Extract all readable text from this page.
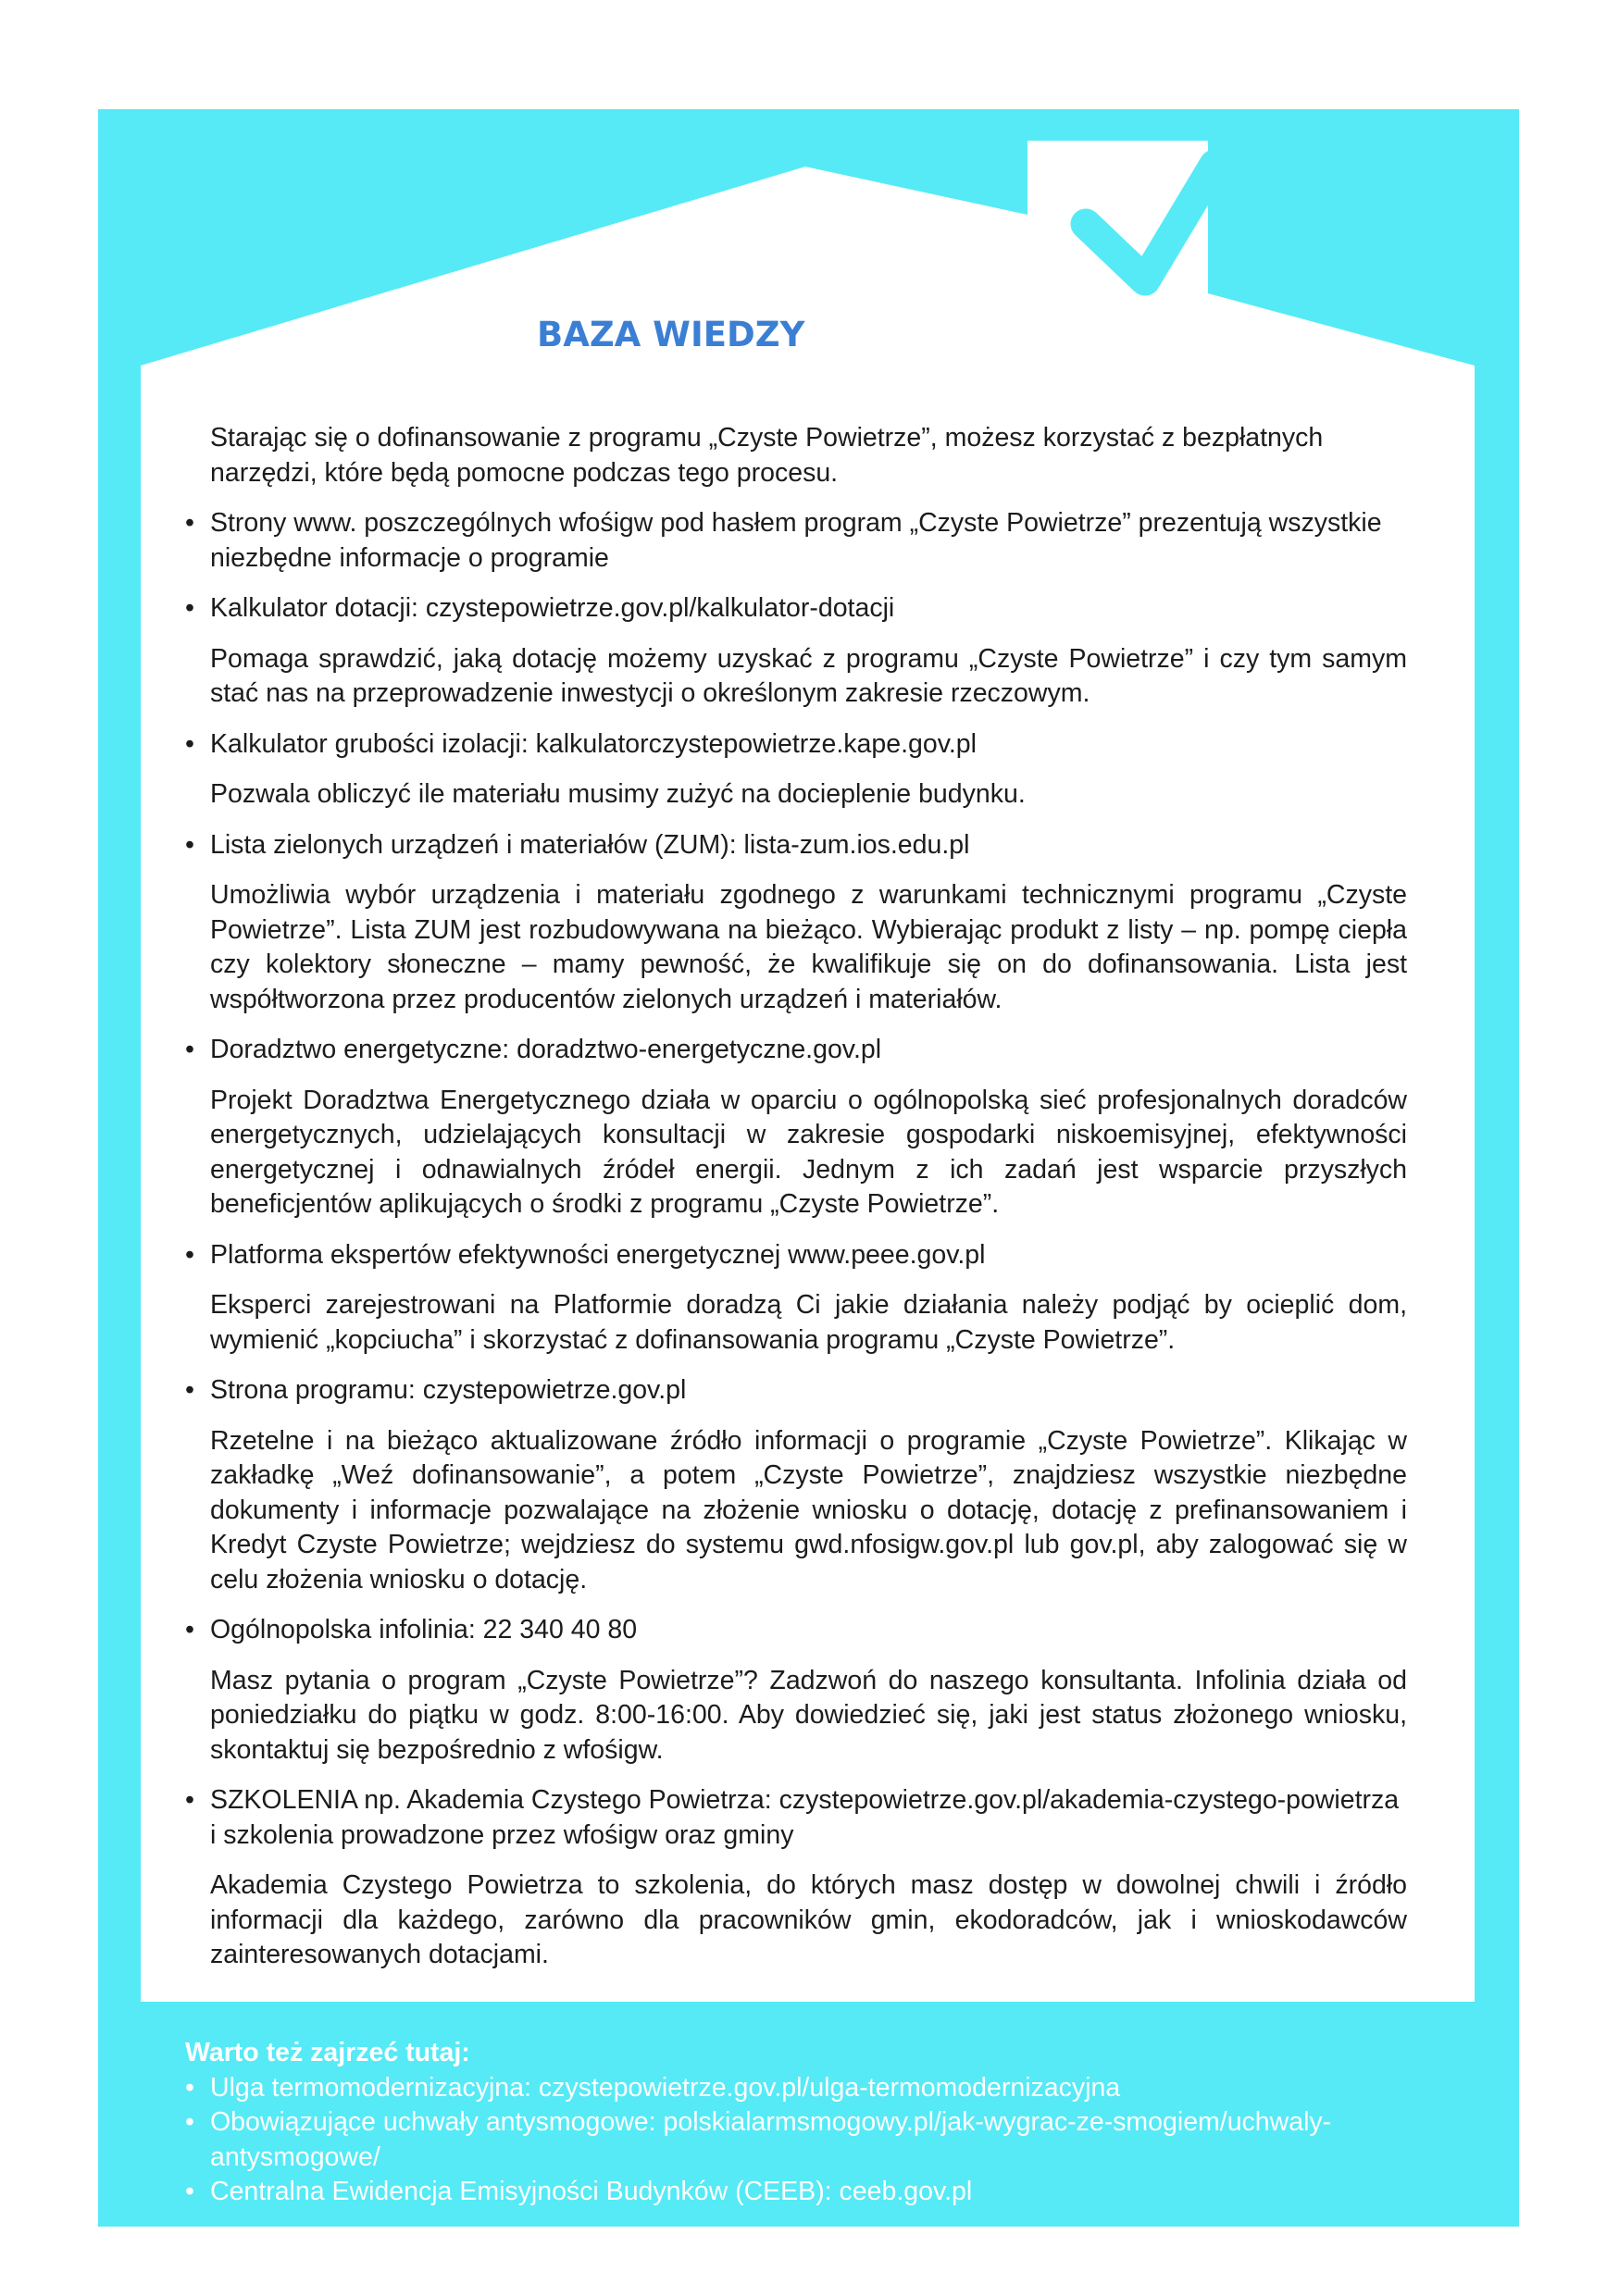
BAZA WIEDZY

Starając się o dofinansowanie z programu „Czyste Powietrze”, możesz korzystać z bezpłatnych narzędzi, które będą pomocne podczas tego procesu.

• Strony www. poszczególnych wfośigw pod hasłem program „Czyste Powietrze” prezentują wszystkie niezbędne informacje o programie

• Kalkulator dotacji: czystepowietrze.gov.pl/kalkulator-dotacji

Pomaga sprawdzić, jaką dotację możemy uzyskać z programu „Czyste Powietrze” i czy tym samym stać nas na przeprowadzenie inwestycji o określonym zakresie rzeczowym.

• Kalkulator grubości izolacji: kalkulatorczystepowietrze.kape.gov.pl

Pozwala obliczyć ile materiału musimy zużyć na docieplenie budynku.

• Lista zielonych urządzeń i materiałów (ZUM): lista-zum.ios.edu.pl

Umożliwia wybór urządzenia i materiału zgodnego z warunkami technicznymi programu „Czyste Powietrze”. Lista ZUM jest rozbudowywana na bieżąco. Wybierając produkt z listy – np. pompę ciepła czy kolektory słoneczne – mamy pewność, że kwalifikuje się on do dofinansowania. Lista jest współtworzona przez producentów zielonych urządzeń i materiałów.

• Doradztwo energetyczne: doradztwo-energetyczne.gov.pl

Projekt Doradztwa Energetycznego działa w oparciu o ogólnopolską sieć profesjonalnych doradców energetycznych, udzielających konsultacji w zakresie gospodarki niskoemisyjnej, efektywności energetycznej i odnawialnych źródeł energii. Jednym z ich zadań jest wsparcie przyszłych beneficjentów aplikujących o środki z programu „Czyste Powietrze”.

• Platforma ekspertów efektywności energetycznej www.peee.gov.pl

Eksperci zarejestrowani na Platformie doradzą Ci jakie działania należy podjąć by ocieplić dom, wymienić „kopciucha” i skorzystać z dofinansowania programu „Czyste Powietrze”.

• Strona programu: czystepowietrze.gov.pl

Rzetelne i na bieżąco aktualizowane źródło informacji o programie „Czyste Powietrze”. Klikając w zakładkę „Weź dofinansowanie”, a potem „Czyste Powietrze”, znajdziesz wszystkie niezbędne dokumenty i informacje pozwalające na złożenie wniosku o dotację, dotację z prefinansowaniem i Kredyt Czyste Powietrze; wejdziesz do systemu gwd.nfosigw.gov.pl lub gov.pl, aby zalogować się w celu złożenia wniosku o dotację.

• Ogólnopolska infolinia: 22 340 40 80

Masz pytania o program „Czyste Powietrze”? Zadzwoń do naszego konsultanta. Infolinia działa od poniedziałku do piątku w godz. 8:00-16:00. Aby dowiedzieć się, jaki jest status złożonego wniosku, skontaktuj się bezpośrednio z wfośigw.

• SZKOLENIA np. Akademia Czystego Powietrza: czystepowietrze.gov.pl/akademia-czystego-powietrza i szkolenia prowadzone przez wfośigw oraz gminy

Akademia Czystego Powietrza to szkolenia, do których masz dostęp w dowolnej chwili i źródło informacji dla każdego, zarówno dla pracowników gmin, ekodoradców, jak i wnioskodawców zainteresowanych dotacjami.

Warto też zajrzeć tutaj:
• Ulga termomodernizacyjna: czystepowietrze.gov.pl/ulga-termomodernizacyjna
• Obowiązujące uchwały antysmogowe: polskialarmsmogowy.pl/jak-wygrac-ze-smogiem/uchwaly-antysmogowe/
• Centralna Ewidencja Emisyjności Budynków (CEEB): ceeb.gov.pl
